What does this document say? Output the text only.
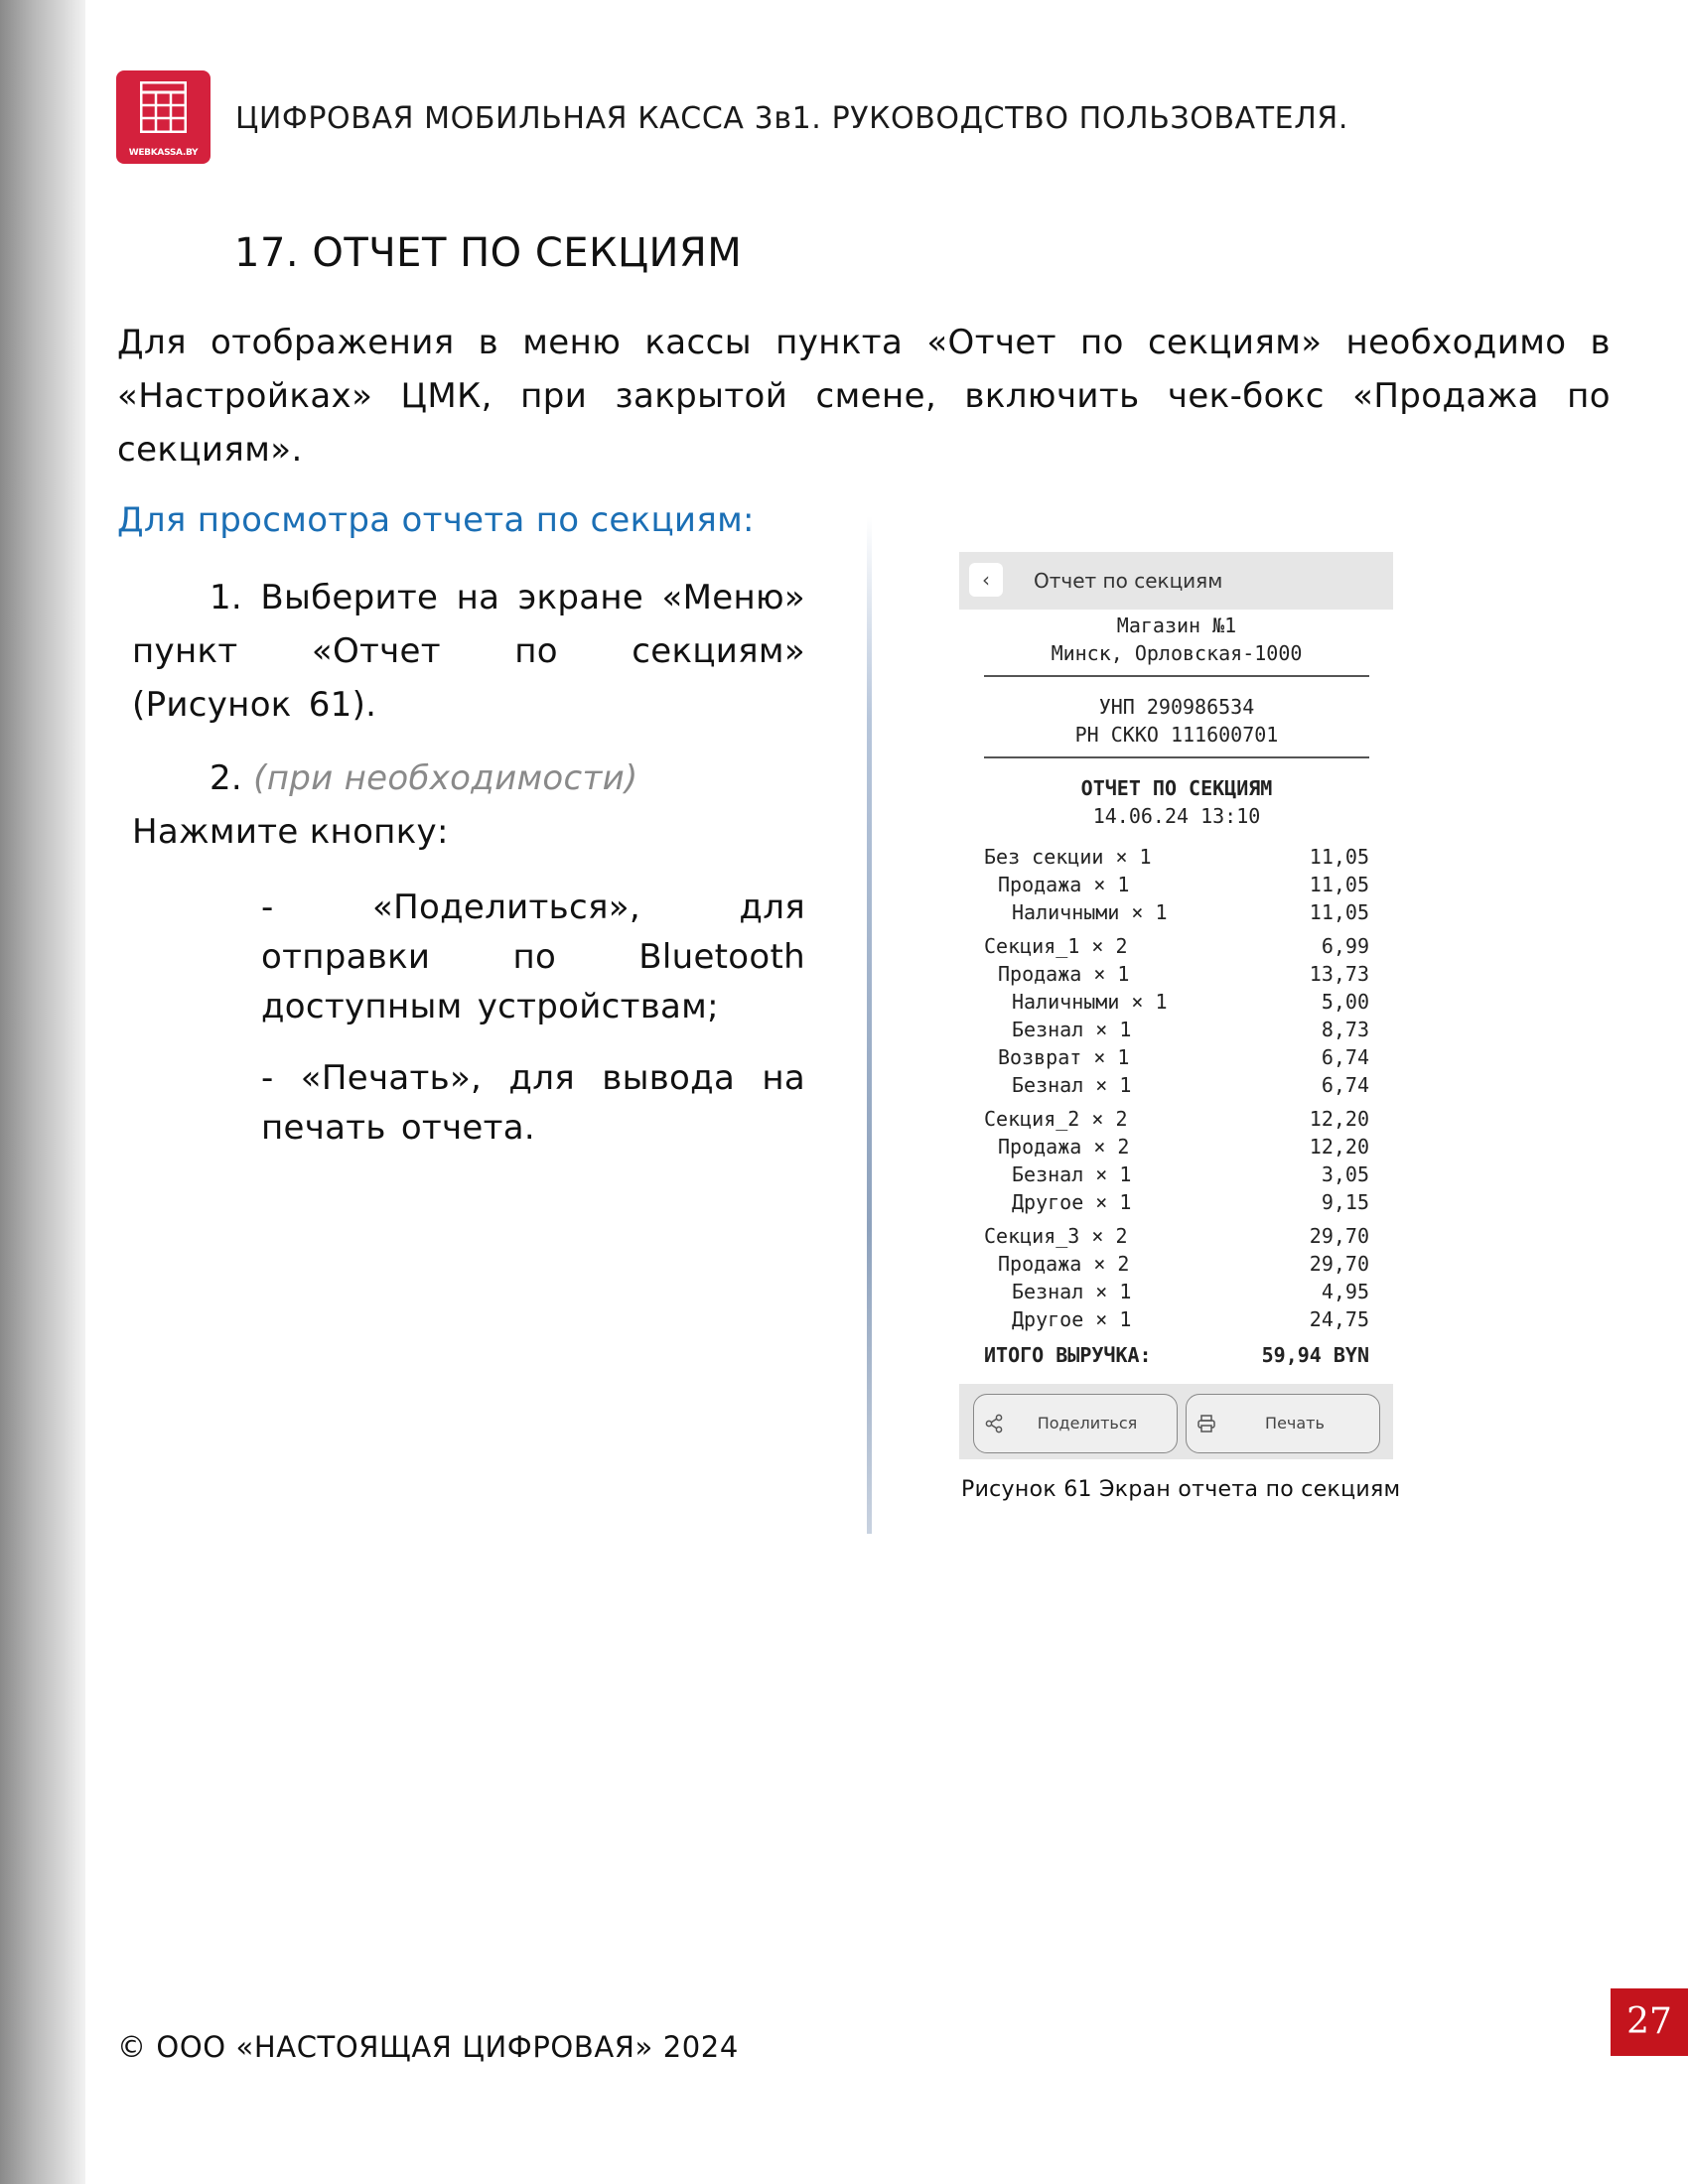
WEBKASSA.BY
ЦИФРОВАЯ МОБИЛЬНАЯ КАССА 3в1. РУКОВОДСТВО ПОЛЬЗОВАТЕЛЯ.
17. ОТЧЕТ ПО СЕКЦИЯМ

Для отображения в меню кассы пункта «Отчет по секциям» необходимо в «Настройках» ЦМК, при закрытой смене, включить чек-бокс «Продажа по секциям».

Для просмотра отчета по секциям:

1. Выберите на экране «Меню» пункт «Отчет по секциям» (Рисунок 61).

2. (при необходимости) Нажмите кнопку:

- «Поделиться», для отправки по Bluetooth доступным устройствам;

- «Печать», для вывода на печать отчета.

‹	Отчет по секциям
Магазин №1
Минск, Орловская-1000
УНП 290986534
РН СККО 111600701
ОТЧЕТ ПО СЕКЦИЯМ
14.06.24 13:10
Без секции × 1	11,05
Продажа × 1	11,05
Наличными × 1	11,05
Секция_1 × 2	6,99
Продажа × 1	13,73
Наличными × 1	5,00
Безнал × 1	8,73
Возврат × 1	6,74
Безнал × 1	6,74
Секция_2 × 2	12,20
Продажа × 2	12,20
Безнал × 1	3,05
Другое × 1	9,15
Секция_3 × 2	29,70
Продажа × 2	29,70
Безнал × 1	4,95
Другое × 1	24,75
ИТОГО ВЫРУЧКА:	59,94 BYN
Поделиться	Печать
Рисунок 61 Экран отчета по секциям
© ООО «НАСТОЯЩАЯ ЦИФРОВАЯ» 2024
27
